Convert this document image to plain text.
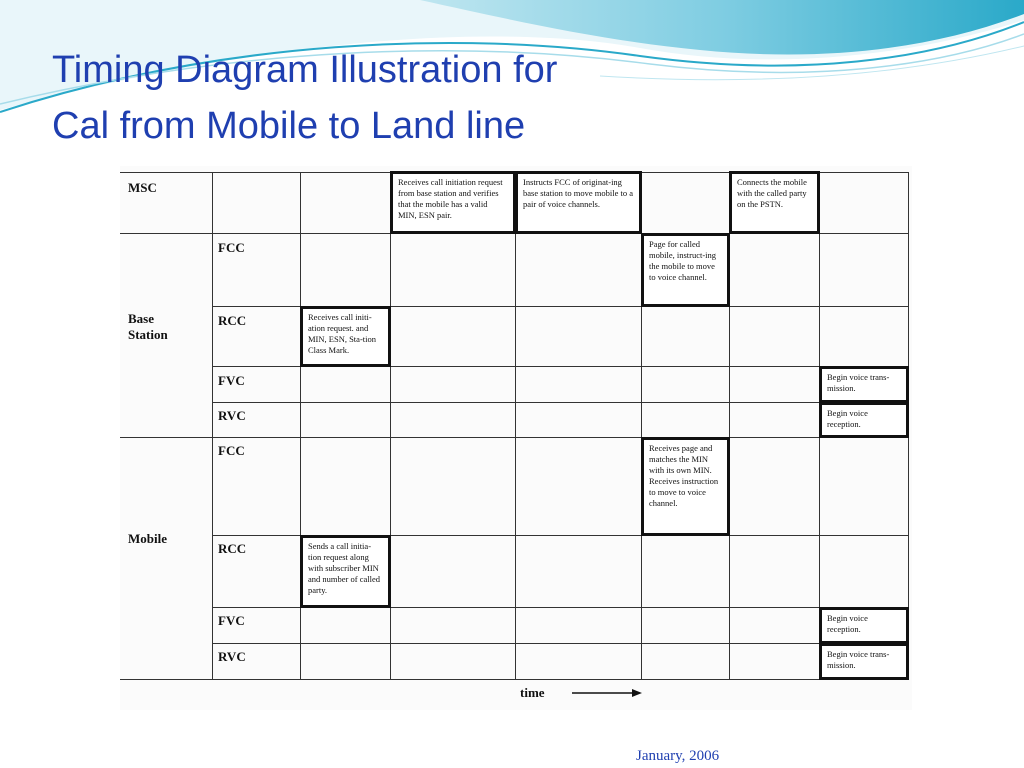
Timing Diagram Illustration for
Cal from Mobile to Land line
MSC
Base
Station
Mobile
FCC
RCC
FVC
RVC
FCC
RCC
FVC
RVC
Receives call initiation request from base station and verifies that the mobile has a valid MIN, ESN pair.
Instructs FCC of originat-ing base station to move mobile to a pair of voice channels.
Connects the mobile with the called party on the PSTN.
Page for called mobile, instruct-ing the mobile to move to voice channel.
Receives call initi-ation request. and MIN, ESN, Sta-tion Class Mark.
Begin voice trans-mission.
Begin voice reception.
Receives page and matches the MIN with its own MIN. Receives instruction to move to voice channel.
Sends a call initia-tion request along with subscriber MIN and number of called party.
Begin voice reception.
Begin voice trans-mission.
time
January, 2006
